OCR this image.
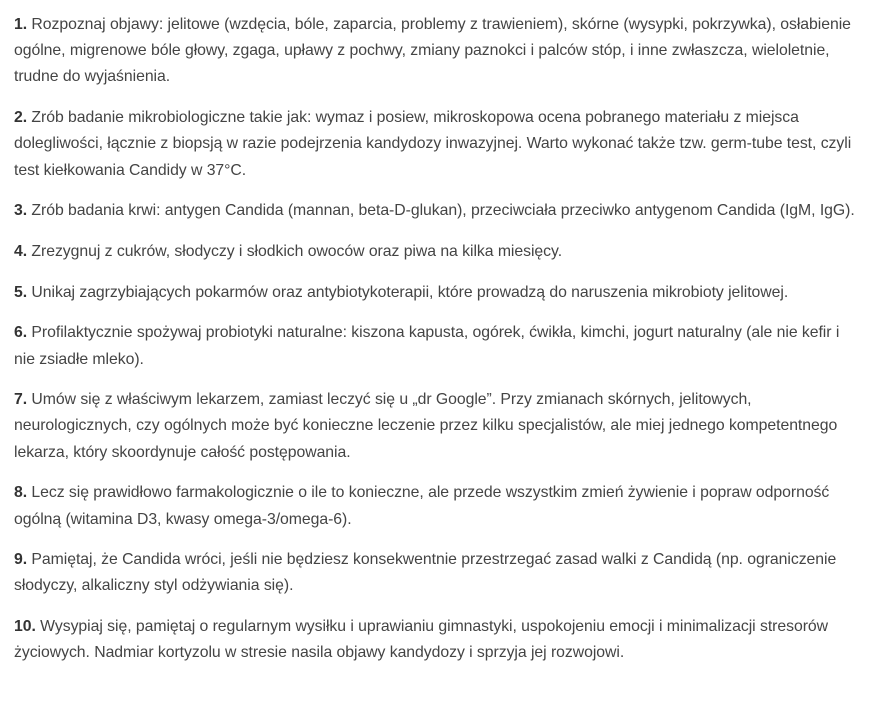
1. Rozpoznaj objawy: jelitowe (wzdęcia, bóle, zaparcia, problemy z trawieniem), skórne (wysypki, pokrzywka), osłabienie ogólne, migrenowe bóle głowy, zgaga, upławy z pochwy, zmiany paznokci i palców stóp, i inne zwłaszcza, wieloletnie, trudne do wyjaśnienia.

2. Zrób badanie mikrobiologiczne takie jak: wymaz i posiew, mikroskopowa ocena pobranego materiału z miejsca dolegliwości, łącznie z biopsją w razie podejrzenia kandydozy inwazyjnej. Warto wykonać także tzw. germ-tube test, czyli test kiełkowania Candidy w 37°C.

3. Zrób badania krwi: antygen Candida (mannan, beta-D-glukan), przeciwciała przeciwko antygenom Candida (IgM, IgG).

4. Zrezygnuj z cukrów, słodyczy i słodkich owoców oraz piwa na kilka miesięcy.

5. Unikaj zagrzybiających pokarmów oraz antybiotykoterapii, które prowadzą do naruszenia mikrobioty jelitowej.

6. Profilaktycznie spożywaj probiotyki naturalne: kiszona kapusta, ogórek, ćwikła, kimchi, jogurt naturalny (ale nie kefir i nie zsiadłe mleko).

7. Umów się z właściwym lekarzem, zamiast leczyć się u „dr Google”. Przy zmianach skórnych, jelitowych, neurologicznych, czy ogólnych może być konieczne leczenie przez kilku specjalistów, ale miej jednego kompetentnego lekarza, który skoordynuje całość postępowania.

8. Lecz się prawidłowo farmakologicznie o ile to konieczne, ale przede wszystkim zmień żywienie i popraw odporność ogólną (witamina D3, kwasy omega-3/omega-6).

9. Pamiętaj, że Candida wróci, jeśli nie będziesz konsekwentnie przestrzegać zasad walki z Candidą (np. ograniczenie słodyczy, alkaliczny styl odżywiania się).

10. Wysypiaj się, pamiętaj o regularnym wysiłku i uprawianiu gimnastyki, uspokojeniu emocji i minimalizacji stresorów życiowych. Nadmiar kortyzolu w stresie nasila objawy kandydozy i sprzyja jej rozwojowi.
